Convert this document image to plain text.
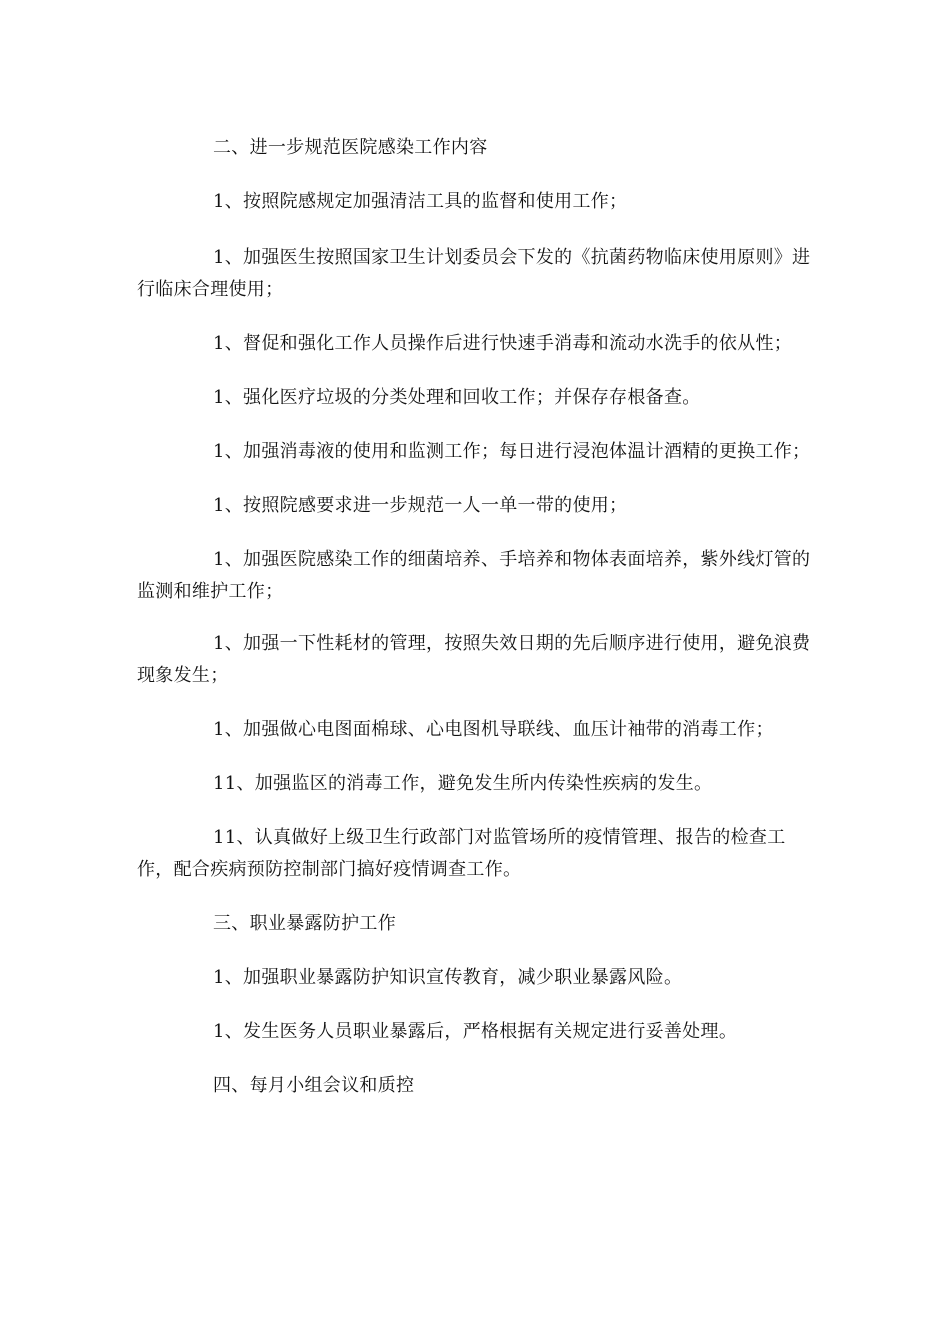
二、进一步规范医院感染工作内容

1、按照院感规定加强清洁工具的监督和使用工作；

1、加强医生按照国家卫生计划委员会下发的《抗菌药物临床使用原则》进行临床合理使用；

1、督促和强化工作人员操作后进行快速手消毒和流动水洗手的依从性；

1、强化医疗垃圾的分类处理和回收工作；并保存存根备查。

1、加强消毒液的使用和监测工作；每日进行浸泡体温计酒精的更换工作；

1、按照院感要求进一步规范一人一单一带的使用；

1、加强医院感染工作的细菌培养、手培养和物体表面培养，紫外线灯管的监测和维护工作；

1、加强一下性耗材的管理，按照失效日期的先后顺序进行使用，避免浪费现象发生；

1、加强做心电图面棉球、心电图机导联线、血压计袖带的消毒工作；

11、加强监区的消毒工作，避免发生所内传染性疾病的发生。

11、认真做好上级卫生行政部门对监管场所的疫情管理、报告的检查工作，配合疾病预防控制部门搞好疫情调查工作。

三、职业暴露防护工作

1、加强职业暴露防护知识宣传教育，减少职业暴露风险。

1、发生医务人员职业暴露后，严格根据有关规定进行妥善处理。

四、每月小组会议和质控
